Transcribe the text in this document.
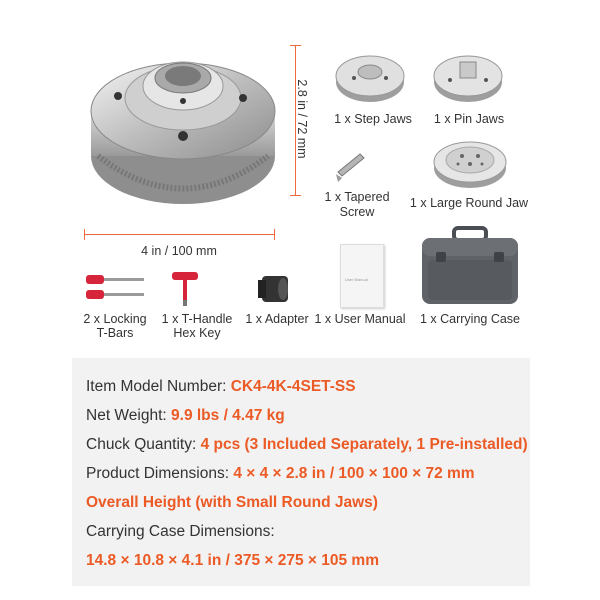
2.8 in / 72 mm
4 in / 100 mm
1 x Step Jaws	1 x Pin Jaws
1 x Tapered
Screw
1 x Large Round Jaw
2 x Locking
T-Bars
1 x T-Handle
Hex Key
1 x Adapter
User Manual
1 x User Manual	1 x Carrying Case
Item Model Number: CK4-4K-4SET-SS
Net Weight: 9.9 lbs / 4.47 kg
Chuck Quantity: 4 pcs (3 Included Separately, 1 Pre-installed)
Product Dimensions: 4 × 4 × 2.8 in / 100 × 100 × 72 mm
Overall Height (with Small Round Jaws)
Carrying Case Dimensions:
14.8 × 10.8 × 4.1 in / 375 × 275 × 105 mm
